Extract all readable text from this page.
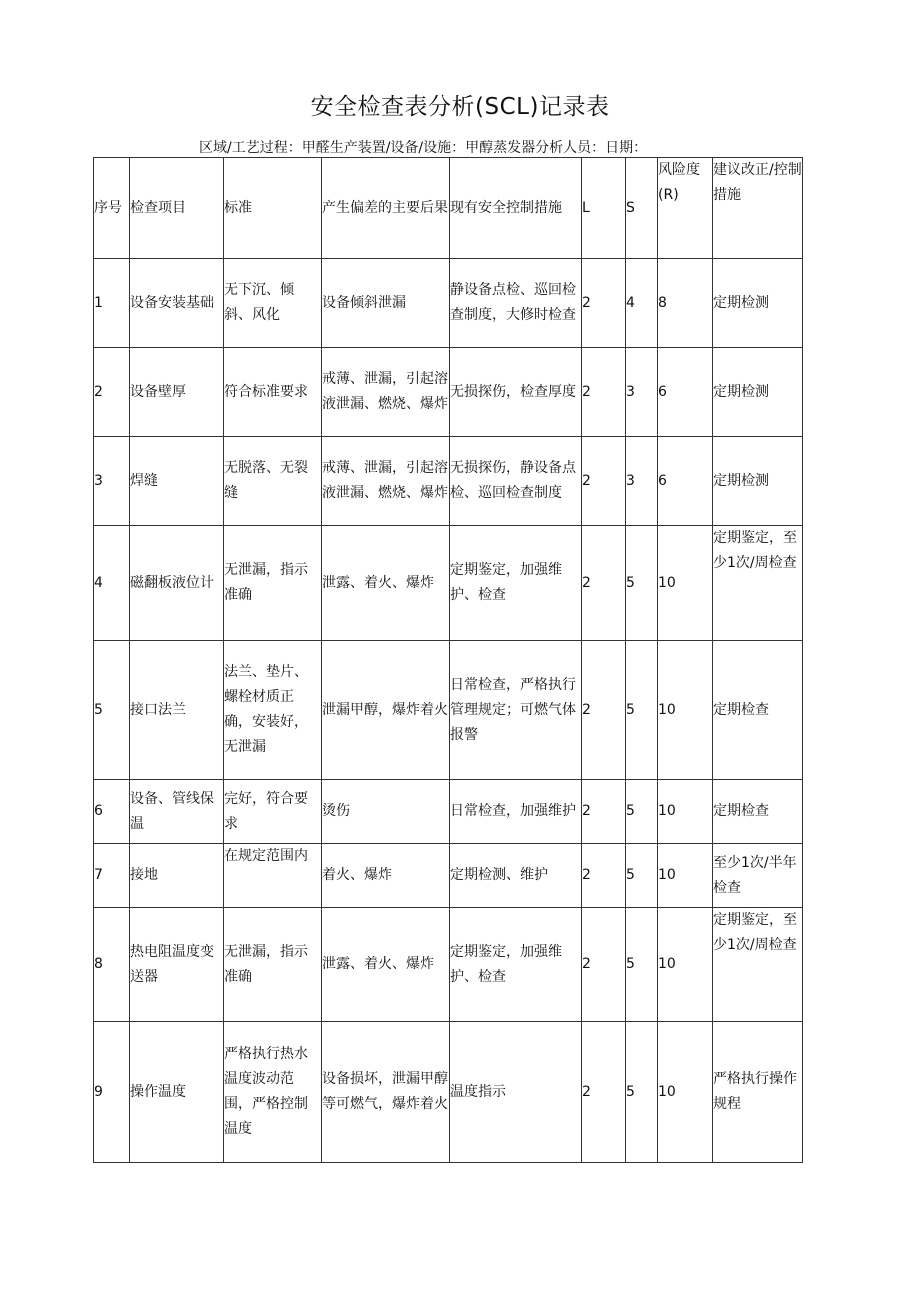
安全检查表分析(SCL)记录表
区域/工艺过程：甲醛生产装置/设备/设施：甲醇蒸发器分析人员：日期：
序号	检查项目	标准	产生偏差的主要后果	现有安全控制措施	L	S	风险度 (R)	建议改正/控制措施
1	设备安装基础	无下沉、倾斜、风化	设备倾斜泄漏	静设备点检、巡回检查制度，大修时检查	2	4	8	定期检测
2	设备壁厚	符合标准要求	戒薄、泄漏，引起溶液泄漏、燃烧、爆炸	无损探伤，检查厚度	2	3	6	定期检测
3	焊缝	无脱落、无裂缝	戒薄、泄漏，引起溶液泄漏、燃烧、爆炸	无损探伤，静设备点检、巡回检查制度	2	3	6	定期检测
4	磁翻板液位计	无泄漏，指示准确	泄露、着火、爆炸	定期鉴定，加强维护、检查	2	5	10	定期鉴定，至少1次/周检查
5	接口法兰	法兰、垫片、螺栓材质正确，安装好，无泄漏	泄漏甲醇，爆炸着火	日常检查，严格执行管理规定；可燃气体报警	2	5	10	定期检查
6	设备、管线保温	完好，符合要求	烫伤	日常检查，加强维护	2	5	10	定期检查
7	接地	在规定范围内	着火、爆炸	定期检测、维护	2	5	10	至少1次/半年检查
8	热电阻温度变送器	无泄漏，指示准确	泄露、着火、爆炸	定期鉴定，加强维护、检查	2	5	10	定期鉴定，至少1次/周检查
9	操作温度	严格执行热水温度波动范围，严格控制温度	设备损坏，泄漏甲醇等可燃气，爆炸着火	温度指示	2	5	10	严格执行操作规程
